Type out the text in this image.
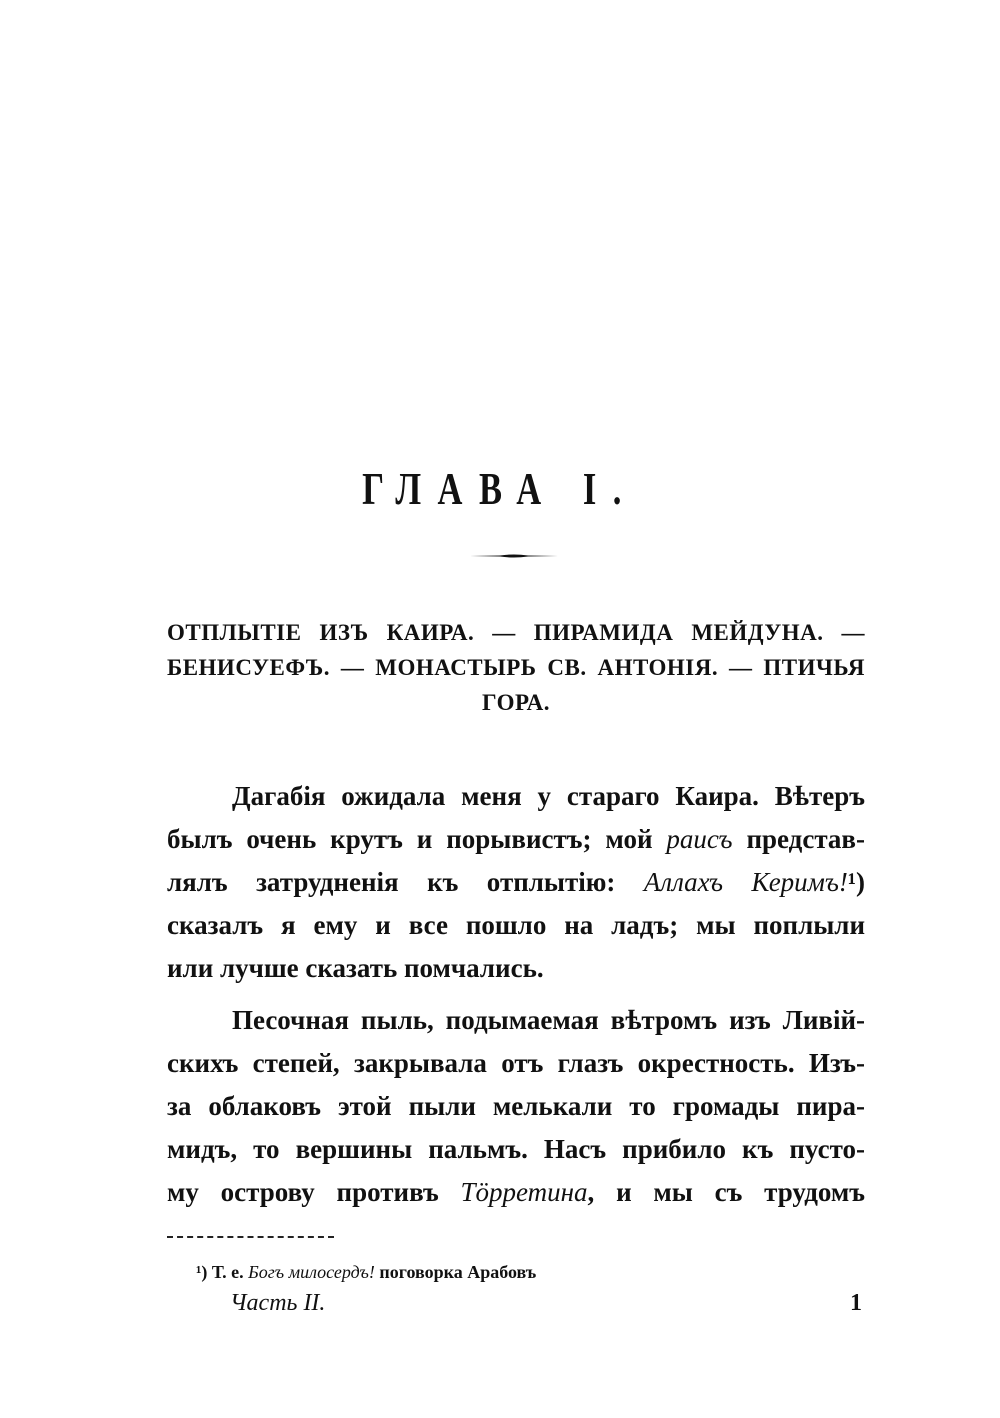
ГЛАВА I.
ОТПЛЫТІЕ ИЗЪ КАИРА. — ПИРАМИДА МЕЙДУНА. —
БЕНИСУЕФЪ. — МОНАСТЫРЬ СВ. АНТОНІЯ. — ПТИЧЬЯ
ГОРА.
Дагабія ожидала меня у стараго Каира. Вѣтеръ
былъ очень крутъ и порывистъ; мой раисъ представ-
лялъ затрудненія къ отплытію: Аллахъ Керимъ!¹)
сказалъ я ему и все пошло на ладъ; мы поплыли
или лучше сказать помчались.
Песочная пыль, подымаемая вѣтромъ изъ Ливій-
скихъ степей, закрывала отъ глазъ окрестность. Изъ-
за облаковъ этой пыли мелькали то громады пира-
мидъ, то вершины пальмъ. Насъ прибило къ пусто-
му острову противъ Тӧрретина, и мы съ трудомъ
¹) Т. е. Богъ милосердъ! поговорка Арабовъ
Часть II.	1
